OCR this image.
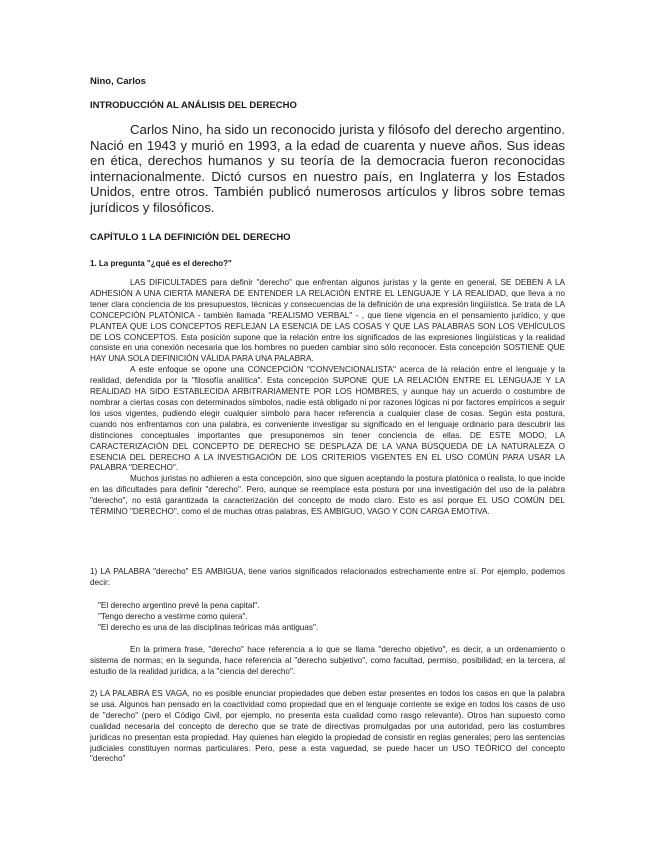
Nino, Carlos

INTRODUCCIÓN AL ANÁLISIS DEL DERECHO

Carlos Nino, ha sido un reconocido jurista y filósofo del derecho argentino. Nació en 1943 y murió en 1993, a la edad de cuarenta y nueve años. Sus ideas en ética, derechos humanos y su teoría de la democracia fueron reconocidas internacionalmente. Dictó cursos en nuestro país, en Inglaterra y los Estados Unidos, entre otros. También publicó numerosos artículos y libros sobre temas jurídicos y filosóficos.

CAPÍTULO 1 LA DEFINICIÓN DEL DERECHO

1. La pregunta "¿qué es el derecho?"

LAS DIFICULTADES para definir "derecho" que enfrentan algunos juristas y la gente en general, SE DEBEN A LA ADHESIÓN A UNA CIERTA MANERA DE ENTENDER LA RELACIÓN ENTRE EL LENGUAJE Y LA REALIDAD, que lleva a no tener clara conciencia de los presupuestos, técnicas y consecuencias de la definición de una expresión lingüística. Se trata de LA CONCEPCIÓN PLATÓNICA - también llamada "REALISMO VERBAL" - , que tiene vigencia en el pensamiento jurídico, y que PLANTEA QUE LOS CONCEPTOS REFLEJAN LA ESENCIA DE LAS COSAS Y QUE LAS PALABRAS SON LOS VEHÍCULOS DE LOS CONCEPTOS. Esta posición supone que la relación entre los significados de las expresiones lingüísticas y la realidad consiste en una conexión necesaria que los hombres no pueden cambiar sino sólo reconocer. Esta concepción SOSTIENE QUE HAY UNA SOLA DEFINICIÓN VÁLIDA PARA UNA PALABRA.

A este enfoque se opone una CONCEPCIÓN "CONVENCIONALISTA" acerca de la relación entre el lenguaje y la realidad, defendida por la "filosofía analítica". Esta concepción SUPONE QUE LA RELACIÓN ENTRE EL LENGUAJE Y LA REALIDAD HA SIDO ESTABLECIDA ARBITRARIAMENTE POR LOS HOMBRES, y aunque hay un acuerdo o costumbre de nombrar a ciertas cosas con determinados símbolos, nadie está obligado ni por razones lógicas ni por factores empíricos a seguir los usos vigentes, pudiendo elegir cualquier símbolo para hacer referencia a cualquier clase de cosas. Según esta postura, cuando nos enfrentamos con una palabra, es conveniente investigar su significado en el lenguaje ordinario para descubrir las distinciones conceptuales importantes que presuponemos sin tener conciencia de ellas. DE ESTE MODO, LA CARACTERIZACIÓN DEL CONCEPTO DE DERECHO SE DESPLAZA DE LA VANA BÚSQUEDA DE LA NATURALEZA O ESENCIA DEL DERECHO A LA INVESTIGACIÓN DE LOS CRITERIOS VIGENTES EN EL USO COMÚN PARA USAR LA PALABRA "DERECHO".

Muchos juristas no adhieren a esta concepción, sino que siguen aceptando la postura platónica o realista, lo que incide en las dificultades para definir "derecho". Pero, aunque se reemplace esta postura por una investigación del uso de la palabra "derecho", no está garantizada la caracterización del concepto de modo claro. Esto es así porque EL USO COMÚN DEL TÉRMINO "DERECHO", como el de muchas otras palabras, ES AMBIGUO, VAGO Y CON CARGA EMOTIVA.

1) LA PALABRA "derecho" ES AMBIGUA, tiene varios significados relacionados estrechamente entre sí. Por ejemplo, podemos decir:

"El derecho argentino prevé la pena capital".
"Tengo derecho a vestirme como quiera".
"El derecho es una de las disciplinas teóricas más antiguas".

En la primera frase, "derecho" hace referencia a lo que se llama "derecho objetivo", es decir, a un ordenamiento o sistema de normas; en la segunda, hace referencia al "derecho subjetivo", como facultad, permiso, posibilidad; en la tercera, al estudio de la realidad jurídica, a la "ciencia del derecho".

2) LA PALABRA ES VAGA, no es posible enunciar propiedades que deben estar presentes en todos los casos en que la palabra se usa. Algunos han pensado en la coactividad como propiedad que en el lenguaje corriente se exige en todos los casos de uso de "derecho" (pero el Código Civil, por ejemplo, no presenta esta cualidad como rasgo relevante). Otros han supuesto como cualidad necesaria del concepto de derecho que se trate de directivas promulgadas por una autoridad, pero las costumbres jurídicas no presentan esta propiedad. Hay quienes han elegido la propiedad de consistir en reglas generales; pero las sentencias judiciales constituyen normas particulares. Pero, pese a esta vaguedad, se puede hacer un USO TEÓRICO del concepto "derecho"
